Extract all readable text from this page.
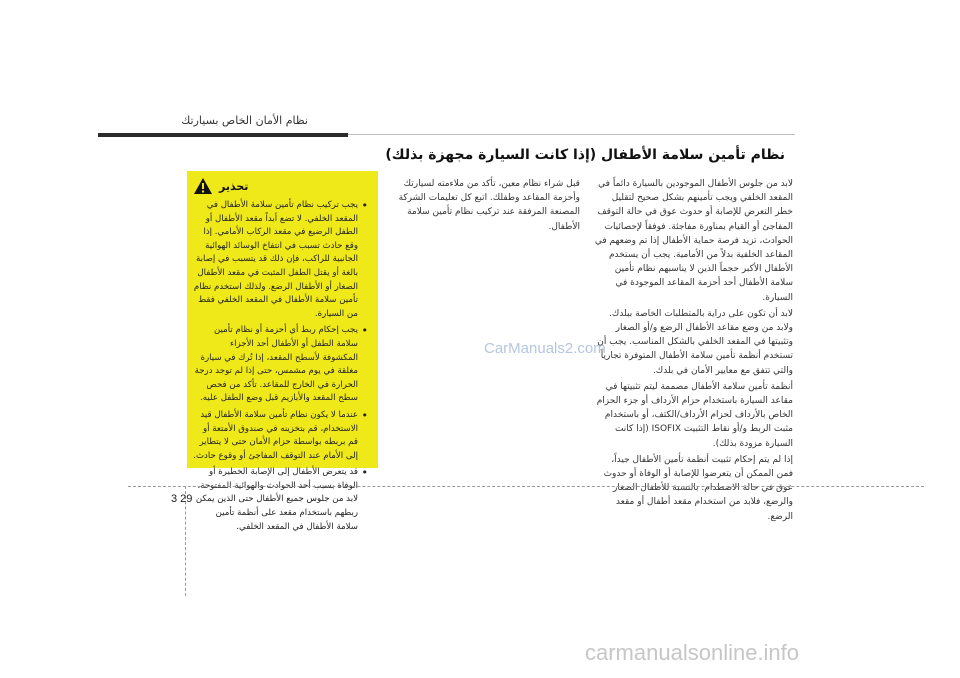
نظام الأمان الخاص بسيارتك
نظام تأمين سلامة الأطفال (إذا كانت السيارة مجهزة بذلك)

لابد من جلوس الأطفال الموجودين بالسيارة دائماً في المقعد الخلفي ويجب تأمينهم بشكل صحيح لتقليل خطر التعرض للإصابة أو حدوث عوق في حالة التوقف المفاجئ أو القيام بمناورة مفاجئة. فوفقاً لإحصائيات الحوادث، تزيد فرصة حماية الأطفال إذا تم وضعهم في المقاعد الخلفية بدلاً من الأمامية. يجب أن يستخدم الأطفال الأكبر حجماً الذين لا يناسبهم نظام تأمين سلامة الأطفال أحد أحزمة المقاعد الموجودة في السيارة.

لابد أن تكون على دراية بالمتطلبات الخاصة ببلدك. ولابد من وضع مقاعد الأطفال الرضع و/أو الصغار وتثبيتها في المقعد الخلفي بالشكل المناسب. يجب أن تستخدم أنظمة تأمين سلامة الأطفال المتوفرة تجارياً والتي تتفق مع معايير الأمان في بلدك.

أنظمة تأمين سلامة الأطفال مصممة ليتم تثبيتها في مقاعد السيارة باستخدام حزام الأرداف أو جزء الحزام الخاص بالأرداف لحزام الأرداف/الكتف، أو باستخدام مثبت الربط و/أو نقاط التثبيت ISOFIX (إذا كانت السيارة مزودة بذلك).

إذا لم يتم إحكام تثبيت أنظمة تأمين الأطفال جيداً، فمن الممكن أن يتعرضوا للإصابة أو الوفاة أو حدوث عوق في حالة الاصطدام. بالنسبة للأطفال الصغار والرضع، فلابد من استخدام مقعد أطفال أو مقعد الرضع.

قبل شراء نظام معين، تأكد من ملاءمته لسيارتك وأحزمة المقاعد وطفلك. اتبع كل تعليمات الشركة المصنعة المرفقة عند تركيب نظام تأمين سلامة الأطفال.

تحذير
• يجب تركيب نظام تأمين سلامة الأطفال في المقعد الخلفي. لا تضع أبداً مقعد الأطفال أو الطفل الرضيع في مقعد الركاب الأمامي. إذا وقع حادث تسبب في انتفاخ الوسائد الهوائية الجانبية للراكب، فإن ذلك قد يتسبب في إصابة بالغة أو يقتل الطفل المثبت في مقعد الأطفال الصغار أو الأطفال الرضع. ولذلك استخدم نظام تأمين سلامة الأطفال في المقعد الخلفي فقط من السيارة.
• يجب إحكام ربط أي أحزمة أو نظام تأمين سلامة الطفل أو الأطفال أحد الأجزاء المكشوفة لأسطح المقعد، إذا تُرك في سيارة مغلقة في يوم مشمس، حتى إذا لم توجد درجة الحرارة في الخارج للمقاعد. تأكد من فحص سطح المقعد والأبازيم قبل وضع الطفل عليه.
• عندما لا يكون نظام تأمين سلامة الأطفال قيد الاستخدام، قم بتخزينه في صندوق الأمتعة أو قم بربطه بواسطة حزام الأمان حتى لا يتطاير إلى الأمام عند التوقف المفاجئ أو وقوع حادث.
• قد يتعرض الأطفال إلى الإصابة الخطيرة أو الوفاة بسبب أحد الحوادث والهوائية المفتوحة. لابد من جلوس جميع الأطفال حتى الذين يمكن ربطهم باستخدام مقعد على أنظمة تأمين سلامة الأطفال في المقعد الخلفي.
CarManuals2.com
3 29
carmanualsonline.info
